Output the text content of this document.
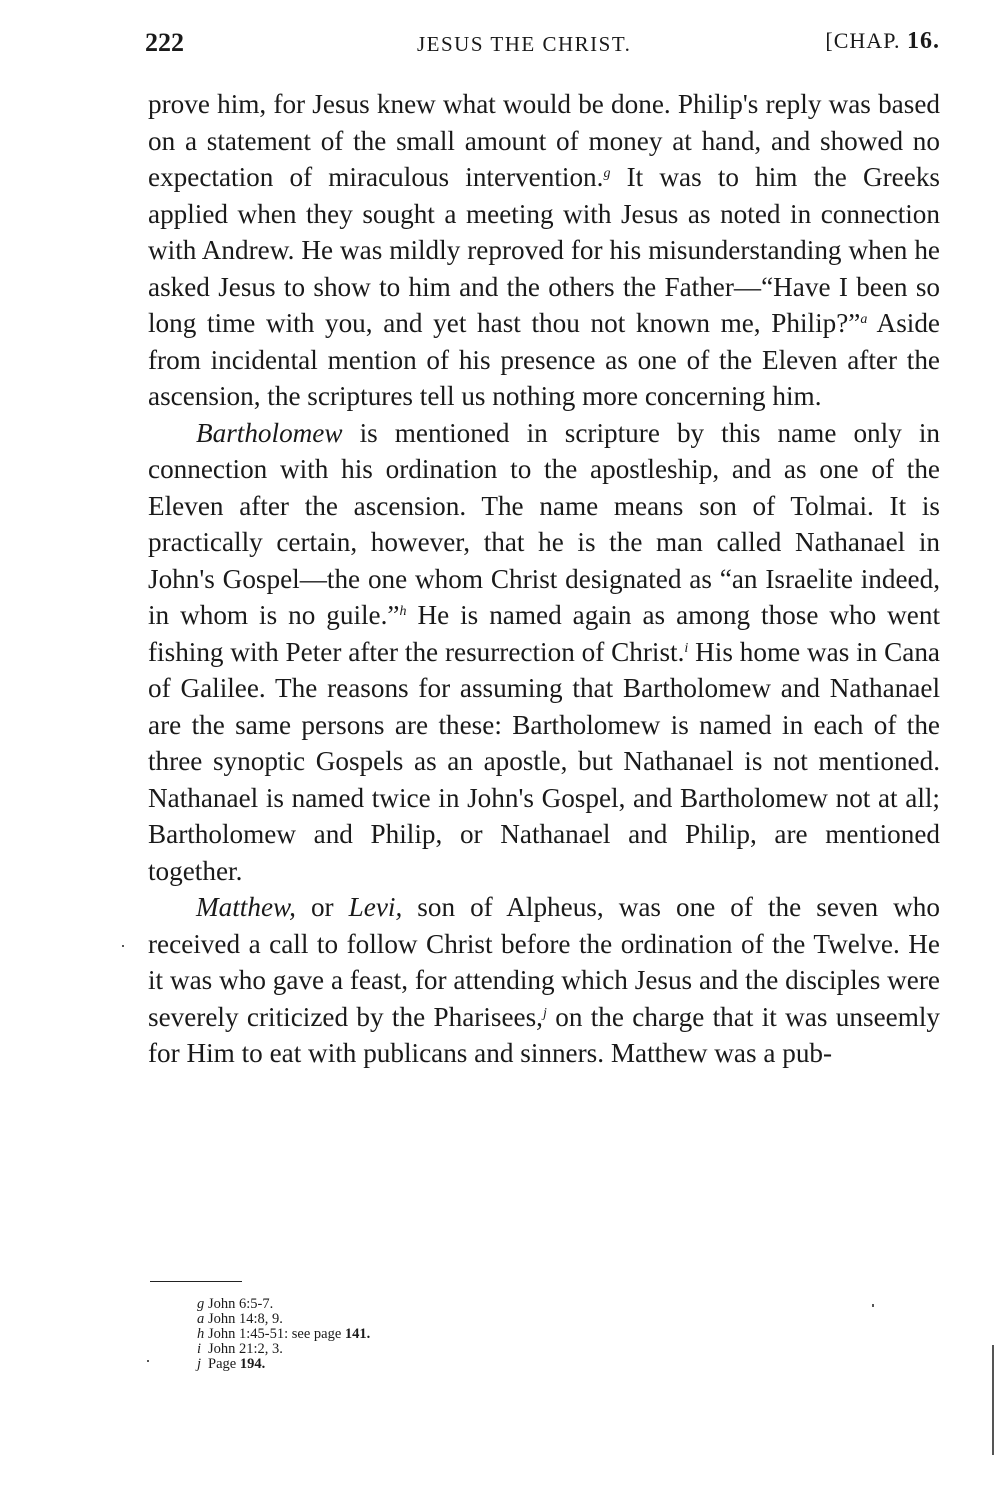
222	JESUS THE CHRIST.	[CHAP. 16.

prove him, for Jesus knew what would be done. Philip's reply was based on a statement of the small amount of money at hand, and showed no expectation of miraculous intervention.$^g$ It was to him the Greeks applied when they sought a meeting with Jesus as noted in connection with Andrew. He was mildly reproved for his misunderstanding when he asked Jesus to show to him and the others the Father—“Have I been so long time with you, and yet hast thou not known me, Philip?”$^a$ Aside from incidental mention of his presence as one of the Eleven after the ascension, the scriptures tell us nothing more concerning him.

Bartholomew is mentioned in scripture by this name only in connection with his ordination to the apostleship, and as one of the Eleven after the ascension. The name means son of Tolmai. It is practically certain, however, that he is the man called Nathanael in John's Gospel—the one whom Christ designated as “an Israelite indeed, in whom is no guile.”$^h$ He is named again as among those who went fishing with Peter after the resurrection of Christ.$^i$ His home was in Cana of Galilee. The reasons for assuming that Bartholomew and Nathanael are the same persons are these: Bartholomew is named in each of the three synoptic Gospels as an apostle, but Nathanael is not mentioned. Nathanael is named twice in John's Gospel, and Bartholomew not at all; Bartholomew and Philip, or Nathanael and Philip, are mentioned together.

Matthew, or Levi, son of Alpheus, was one of the seven who received a call to follow Christ before the ordination of the Twelve. He it was who gave a feast, for attending which Jesus and the disciples were severely criticized by the Pharisees,$^j$ on the charge that it was unseemly for Him to eat with publicans and sinners. Matthew was a pub-

g John 6:5-7.
a John 14:8, 9.
h John 1:45-51: see page 141.
i John 21:2, 3.
j Page 194.
